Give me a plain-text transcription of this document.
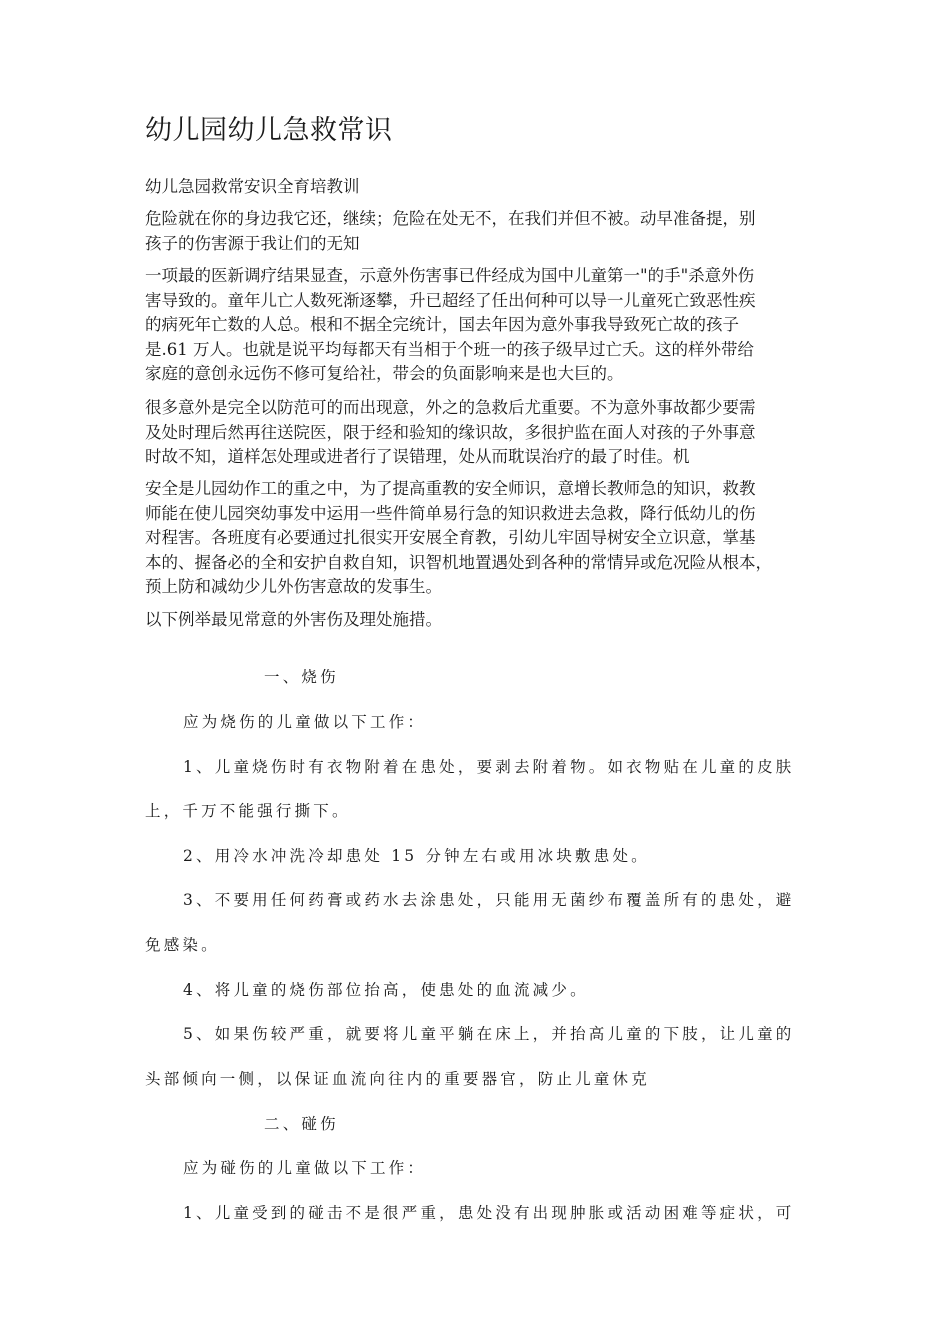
幼儿园幼儿急救常识

幼儿急园救常安识全育培教训

危险就在你的身边我它还，继续；危险在处无不，在我们并但不被。动早准备提，别
孩子的伤害源于我让们的无知

一项最的医新调疗结果显查，示意外伤害事已件经成为国中儿童第一"的手"杀意外伤
害导致的。童年儿亡人数死渐逐攀，升已超经了任出何种可以导一儿童死亡致恶性疾
的病死年亡数的人总。根和不据全完统计，国去年因为意外事我导致死亡故的孩子
是.61 万人。也就是说平均每都天有当相于个班一的孩子级早过亡夭。这的样外带给
家庭的意创永远伤不修可复给社，带会的负面影响来是也大巨的。

很多意外是完全以防范可的而出现意，外之的急救后尤重要。不为意外事故都少要需
及处时理后然再往送院医，限于经和验知的缘识故，多很护监在面人对孩的子外事意
时故不知，道样怎处理或进者行了误错理，处从而耽误治疗的最了时佳。机

安全是儿园幼作工的重之中，为了提高重教的安全师识，意增长教师急的知识，救教
师能在使儿园突幼事发中运用一些件简单易行急的知识救进去急救，降行低幼儿的伤
对程害。各班度有必要通过扎很实开安展全育教，引幼儿牢固导树安全立识意，掌基
本的、握备必的全和安护自救自知，识智机地置遇处到各种的常情异或危况险从根本，
预上防和减幼少儿外伤害意故的发事生。

以下例举最见常意的外害伤及理处施措。

一、烧伤

应为烧伤的儿童做以下工作：

1、儿童烧伤时有衣物附着在患处，要剥去附着物。如衣物贴在儿童的皮肤

上，千万不能强行撕下。

2、用冷水冲洗冷却患处 15 分钟左右或用冰块敷患处。

3、不要用任何药膏或药水去涂患处，只能用无菌纱布覆盖所有的患处，避

免感染。

4、将儿童的烧伤部位抬高，使患处的血流减少。

5、如果伤较严重，就要将儿童平躺在床上，并抬高儿童的下肢，让儿童的

头部倾向一侧，以保证血流向往内的重要器官，防止儿童休克

二、碰伤

应为碰伤的儿童做以下工作：

1、儿童受到的碰击不是很严重，患处没有出现肿胀或活动困难等症状，可
